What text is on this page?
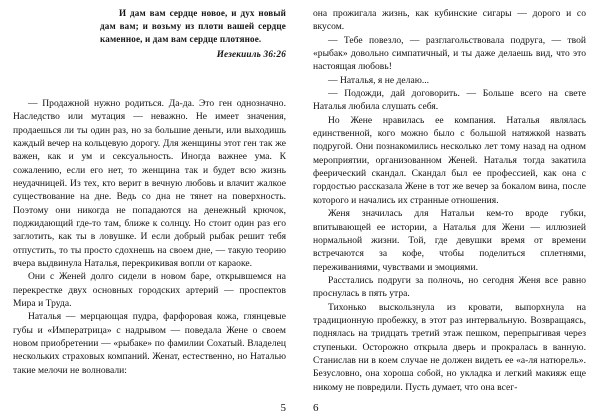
И дам вам сердце новое, и дух новый дам вам; и возьму из плоти вашей сердце каменное, и дам вам сердце плотяное.
Иезекииль 36:26

— Продажной нужно родиться. Да-да. Это ген однозначно. Наследство или мутация — неважно. Не имеет значения, продаешься ли ты один раз, но за большие деньги, или выходишь каждый вечер на кольцевую дорогу. Для женщины этот ген так же важен, как и ум и сексуальность. Иногда важнее ума. К сожалению, если его нет, то женщина так и будет всю жизнь неудачницей. Из тех, кто верит в вечную любовь и влачит жалкое существование на дне. Ведь со дна не тянет на поверхность. Поэтому они никогда не попадаются на денежный крючок, поджидающий где-то там, ближе к солнцу. Но стоит один раз его заглотить, как ты в ловушке. И если добрый рыбак решит тебя отпустить, то ты просто сдохнешь на своем дне, — такую теорию вчера выдвинула Наталья, перекрикивая вопли от караоке.

Они с Женей долго сидели в новом баре, открывшемся на перекрестке двух основных городских артерий — проспектов Мира и Труда.

Наталья — мерцающая пудра, фарфоровая кожа, глянцевые губы и «Императрица» с надрывом — поведала Жене о своем новом приобретении — «рыбаке» по фамилии Сохатый. Владелец нескольких страховых компаний. Женат, естественно, но Наталью такие мелочи не волновали:

5

она прожигала жизнь, как кубинские сигары — дорого и со вкусом.

— Тебе повезло, — разглагольствовала подруга, — твой «рыбак» довольно симпатичный, и ты даже делаешь вид, что это настоящая любовь!

— Наталья, я не делаю...

— Подожди, дай договорить. — Больше всего на свете Наталья любила слушать себя.

Но Жене нравилась ее компания. Наталья являлась единственной, кого можно было с большой натяжкой назвать подругой. Они познакомились несколько лет тому назад на одном мероприятии, организованном Женей. Наталья тогда закатила феерический скандал. Скандал был ее профессией, как она с гордостью рассказала Жене в тот же вечер за бокалом вина, после которого и начались их странные отношения.

Женя значилась для Натальи кем-то вроде губки, впитывающей ее истории, а Наталья для Жени — иллюзией нормальной жизни. Той, где девушки время от времени встречаются за кофе, чтобы поделиться сплетнями, переживаниями, чувствами и эмоциями.

Расстались подруги за полночь, но сегодня Женя все равно проснулась в пять утра.

Тихонько выскользнула из кровати, выпорхнула на традиционную пробежку, в этот раз интервальную. Возвращаясь, поднялась на тридцать третий этаж пешком, перепрыгивая через ступеньки. Осторожно открыла дверь и прокралась в ванную. Станислав ни в коем случае не должен видеть ее «а-ля натюрель». Безусловно, она хороша собой, но укладка и легкий макияж еще никому не повредили. Пусть думает, что она всег-

6
